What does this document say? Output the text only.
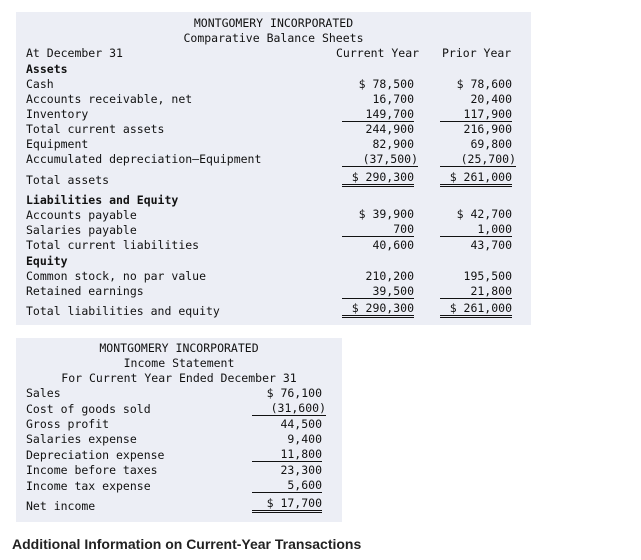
MONTGOMERY INCORPORATED
Comparative Balance Sheets
At December 31	Current Year Prior Year
Assets
Cash	$ 78,500	$ 78,600
Accounts receivable, net	16,700	20,400
Inventory	149,700	117,900
Total current assets	244,900	216,900
Equipment	82,900	69,800
Accumulated depreciation—Equipment	(37,500)	(25,700)
Total assets	$ 290,300	$ 261,000
Liabilities and Equity
Accounts payable	$ 39,900	$ 42,700
Salaries payable	700	1,000
Total current liabilities	40,600	43,700
Equity
Common stock, no par value	210,200	195,500
Retained earnings	39,500	21,800
Total liabilities and equity	$ 290,300	$ 261,000
MONTGOMERY INCORPORATED
Income Statement
For Current Year Ended December 31
Sales	$ 76,100
Cost of goods sold	(31,600)
Gross profit	44,500
Salaries expense	9,400
Depreciation expense	11,800
Income before taxes	23,300
Income tax expense	5,600
Net income	$ 17,700
Additional Information on Current-Year Transactions
